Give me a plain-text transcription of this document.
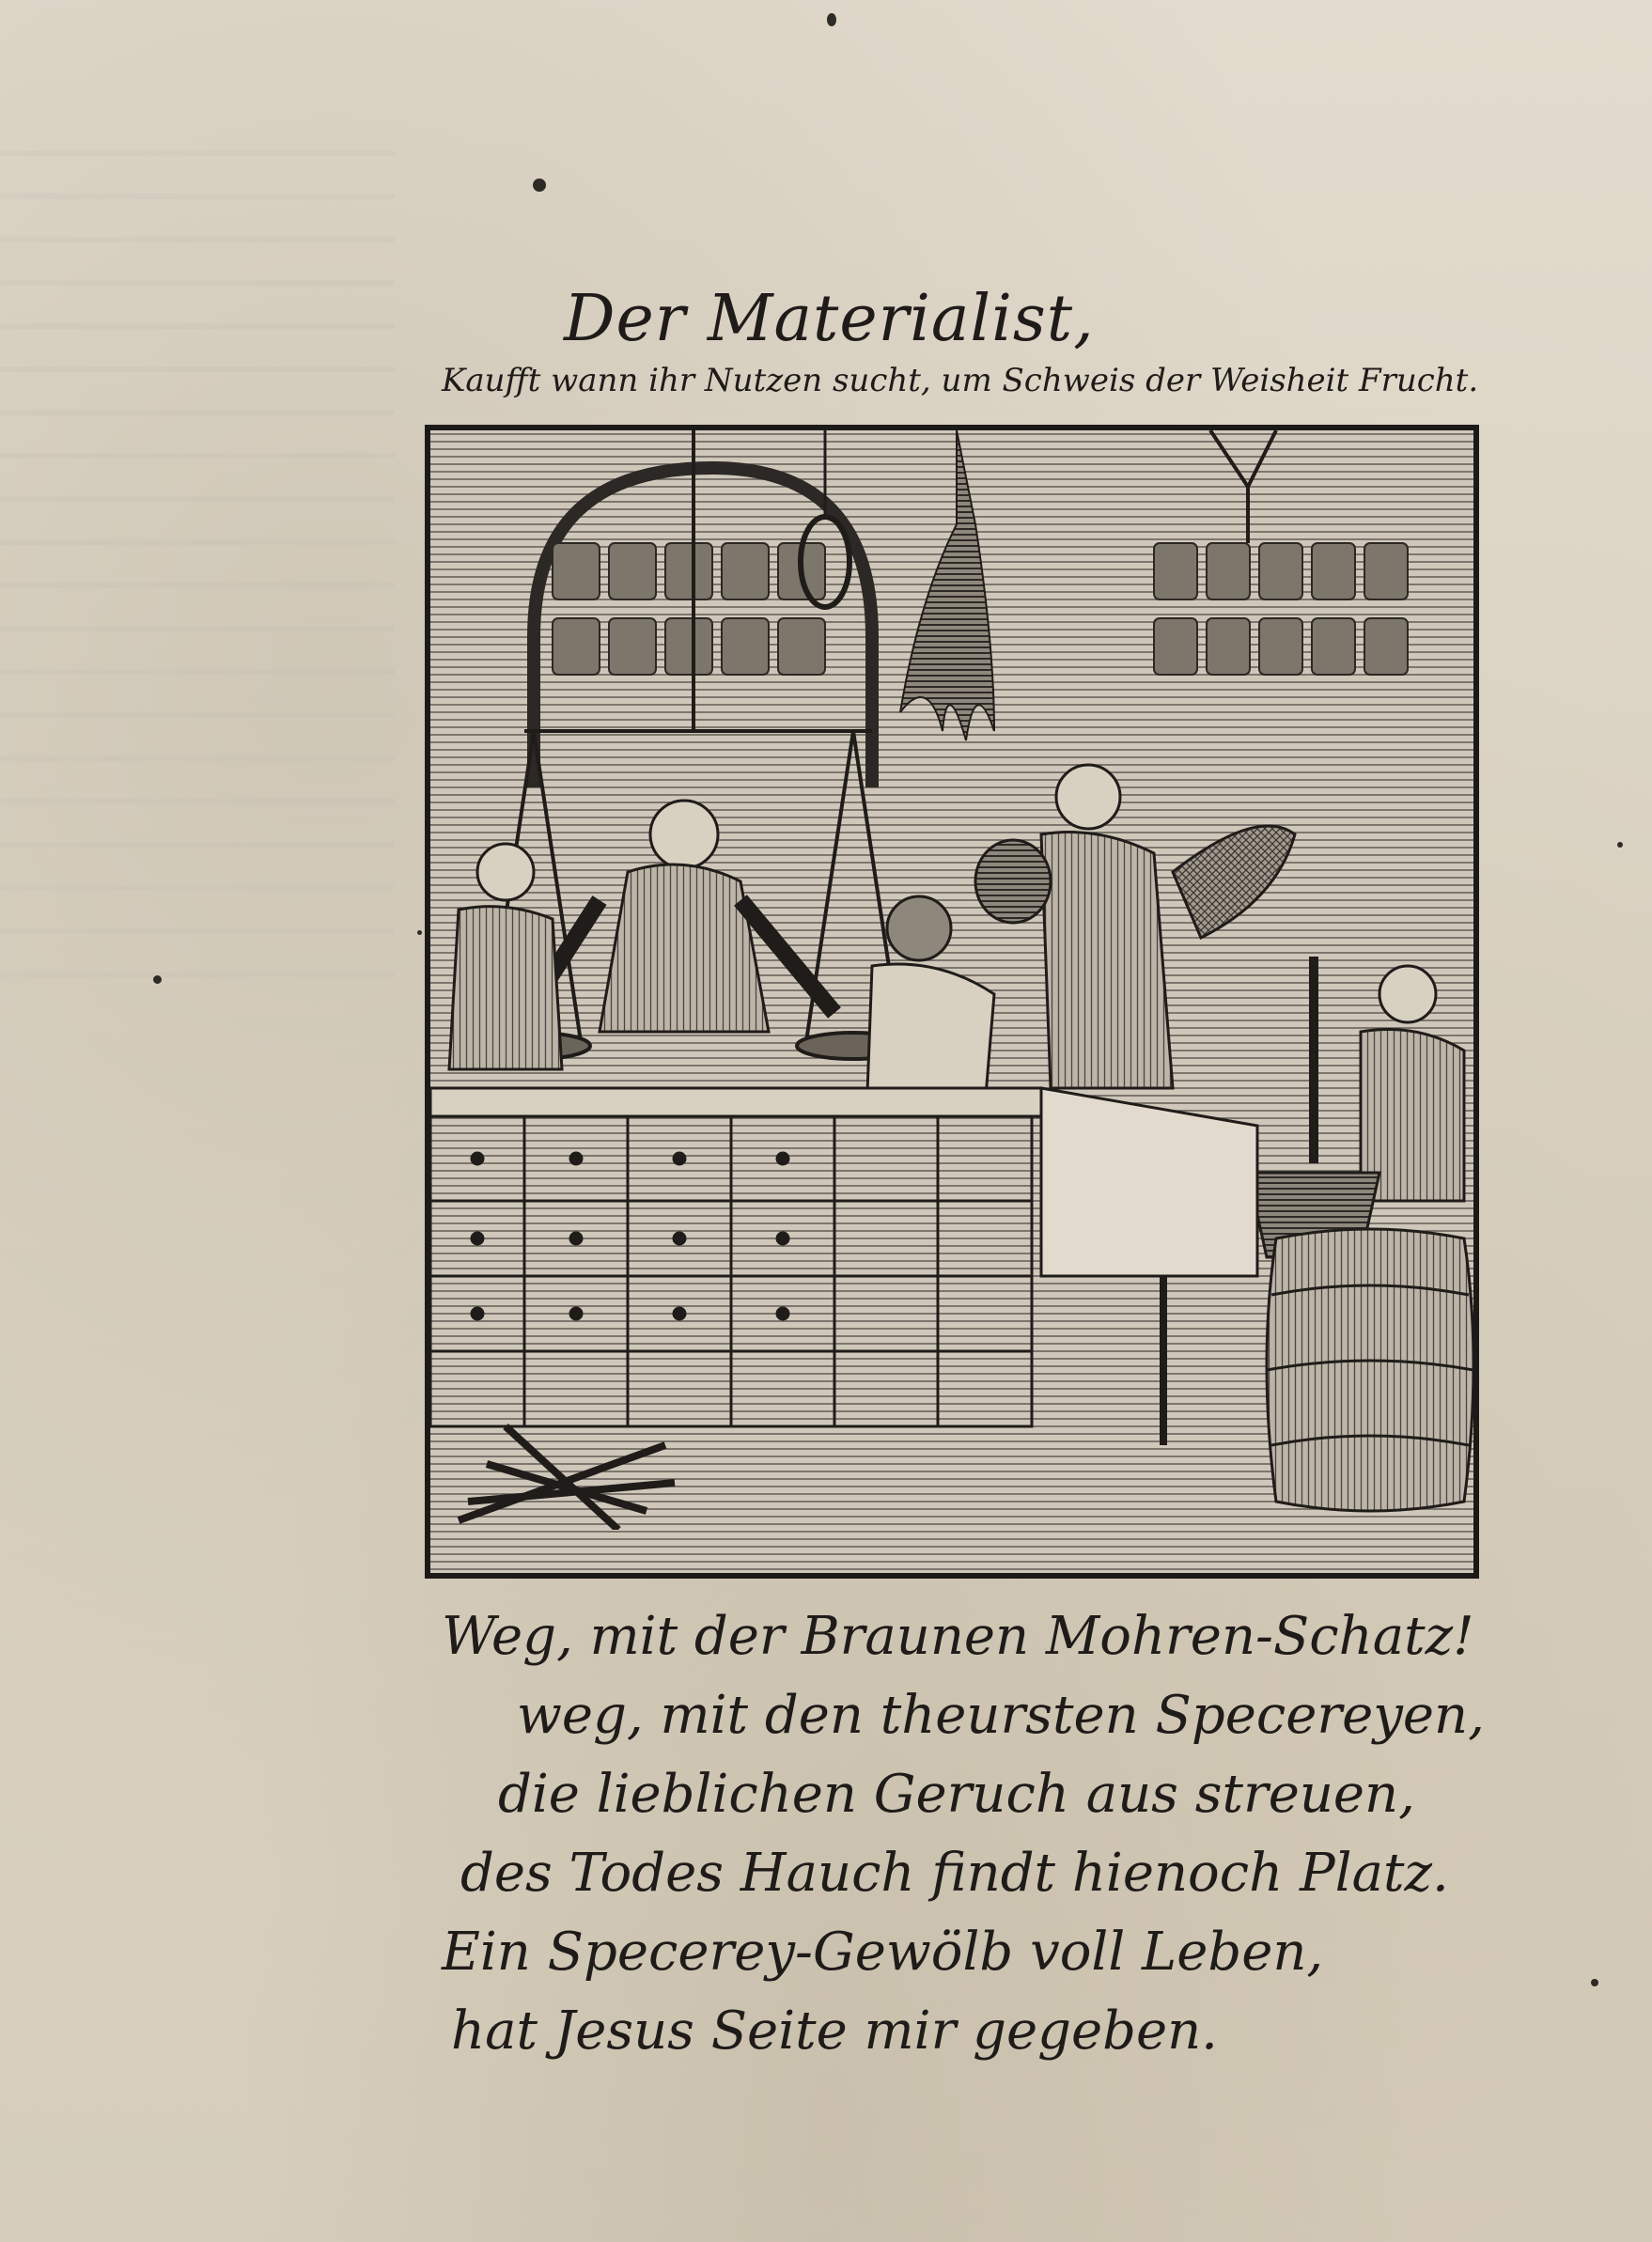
Der Materialist,
Kaufft wann ihr Nutzen sucht, um Schweis der Weisheit Frucht.
Weg, mit der Braunen Mohren-Schatz!
weg, mit den theursten Specereyen,
die lieblichen Geruch aus streuen,
des Todes Hauch findt hienoch Platz.
Ein Specerey-Gewölb voll Leben,
hat Jesus Seite mir gegeben.
